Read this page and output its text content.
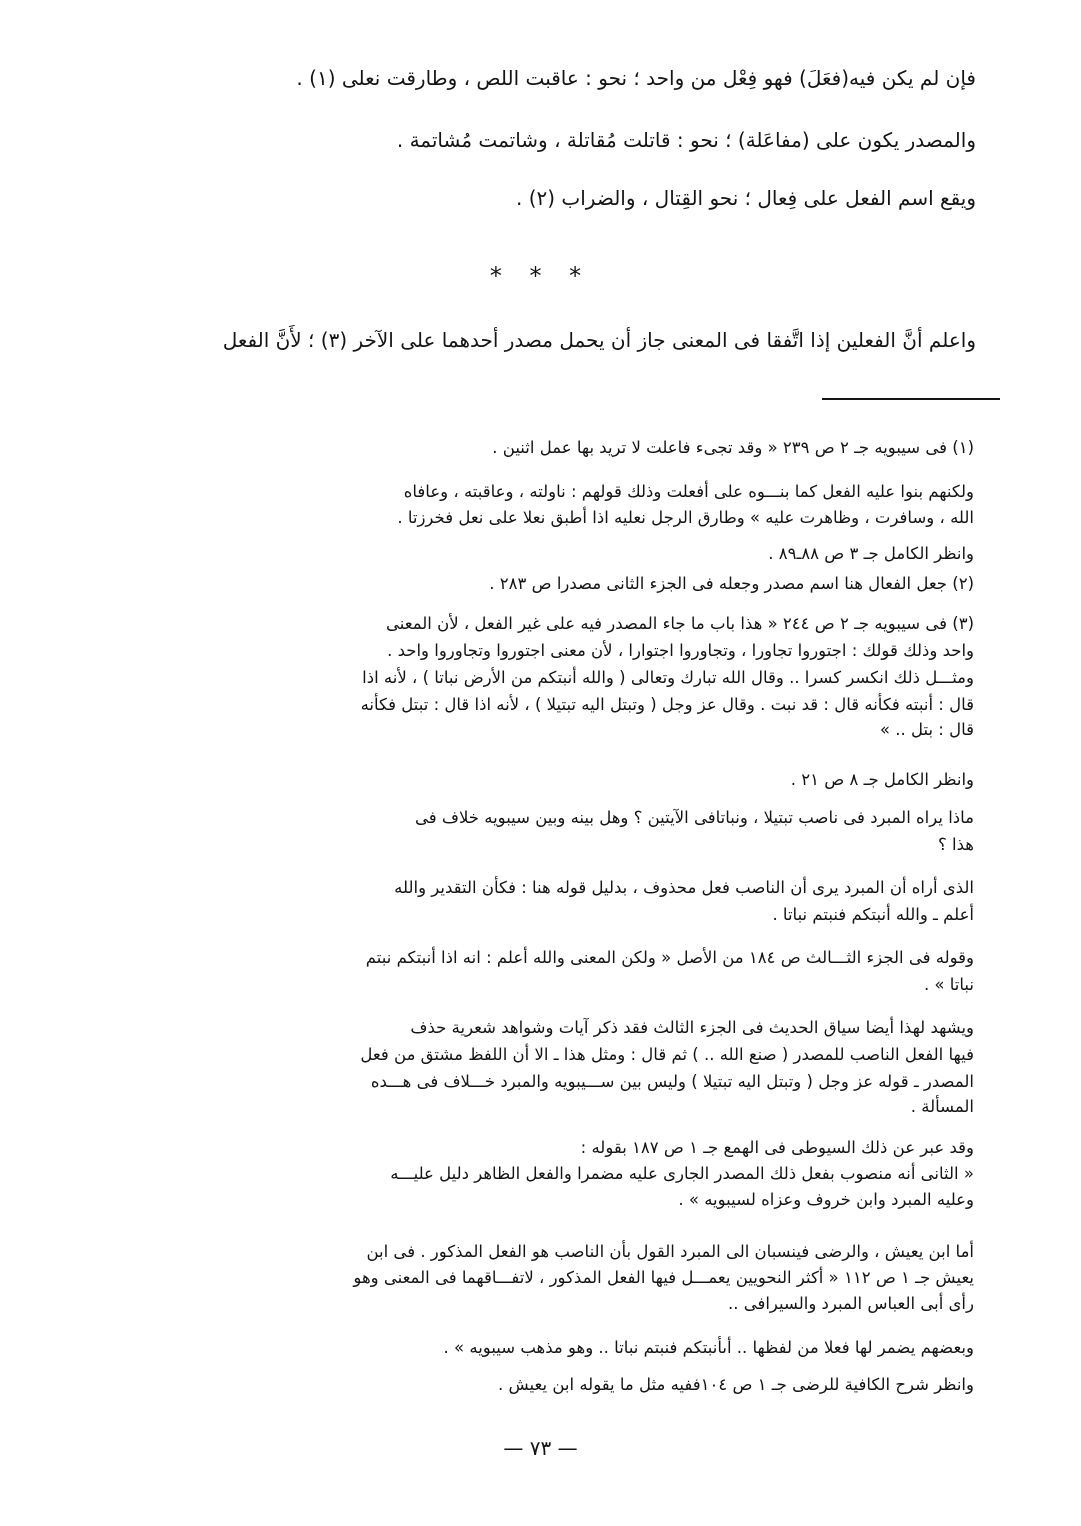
فإن لم يكن فيه(فعَلَ) فهو فِعْل من واحد ؛ نحو : عاقبت اللص ، وطارقت نعلى (١) .
والمصدر يكون على (مفاعَلة) ؛ نحو : قاتلت مُقاتلة ، وشاتمت مُشاتمة .
ويقع اسم الفعل على فِعال ؛ نحو القِتال ، والضراب (٢) .
* * *
واعلم أنَّ الفعلين إذا اتَّفقا فى المعنى جاز أن يحمل مصدر أحدهما على الآخر (٣) ؛ لأَنَّ الفعل
(١) فى سيبويه جـ ٢ ص ٢٣٩ « وقد تجىء فاعلت لا تريد بها عمل اثنين .
ولكنهم بنوا عليه الفعل كما بنـــوه على أفعلت وذلك قولهم : ناولته ، وعاقبته ، وعافاه
الله ، وسافرت ، وظاهرت عليه » وطارق الرجل نعليه اذا أطبق نعلا على نعل فخرزتا .
وانظر الكامل جـ ٣ ص ٨٨ـ٨٩ .
(٢) جعل الفعال هنا اسم مصدر وجعله فى الجزء الثانى مصدرا ص ٢٨٣ .
(٣) فى سيبويه جـ ٢ ص ٢٤٤ « هذا باب ما جاء المصدر فيه على غير الفعل ، لأن المعنى
واحد وذلك قولك : اجتوروا تجاورا ، وتجاوروا اجتوارا ، لأن معنى اجتوروا وتجاوروا واحد .
ومثـــل ذلك انكسر كسرا .. وقال الله تبارك وتعالى ( والله أنبتكم من الأرض نباتا ) ، لأنه اذا
قال : أنبته فكأنه قال : قد نبت . وقال عز وجل ( وتبتل اليه تبتيلا ) ، لأنه اذا قال : تبتل فكأنه
قال : بتل .. »
وانظر الكامل جـ ٨ ص ٢١ .
ماذا يراه المبرد فى ناصب تبتيلا ، ونباتافى الآيتين ؟ وهل بينه وبين سيبويه خلاف فى
هذا ؟
الذى أراه أن المبرد يرى أن الناصب فعل محذوف ، بدليل قوله هنا : فكأن التقدير والله
أعلم ـ والله أنبتكم فنبتم نباتا .
وقوله فى الجزء الثـــالث ص ١٨٤ من الأصل « ولكن المعنى والله أعلم : انه اذا أنبتكم نبتم
نباتا » .
ويشهد لهذا أيضا سياق الحديث فى الجزء الثالث فقد ذكر آيات وشواهد شعرية حذف
فيها الفعل الناصب للمصدر ( صنع الله .. ) ثم قال : ومثل هذا ـ الا أن اللفظ مشتق من فعل
المصدر ـ قوله عز وجل ( وتبتل اليه تبتيلا ) وليس بين ســـيبويه والمبرد خـــلاف فى هـــده
المسألة .
وقد عبر عن ذلك السيوطى فى الهمع جـ ١ ص ١٨٧ بقوله :
« الثانى أنه منصوب بفعل ذلك المصدر الجارى عليه مضمرا والفعل الظاهر دليل عليـــه
وعليه المبرد وابن خروف وعزاه لسيبويه » .
أما ابن يعيش ، والرضى فينسبان الى المبرد القول بأن الناصب هو الفعل المذكور . فى ابن
يعيش جـ ١ ص ١١٢ « أكثر النحويين يعمـــل فيها الفعل المذكور ، لاتفـــاقهما فى المعنى وهو
رأى أبى العباس المبرد والسيرافى ..
وبعضهم يضمر لها فعلا من لفظها .. أىأنبتكم فنبتم نباتا .. وهو مذهب سيبويه » .
وانظر شرح الكافية للرضى جـ ١ ص ١٠٤ففيه مثل ما يقوله ابن يعيش .
— ٧٣ —
